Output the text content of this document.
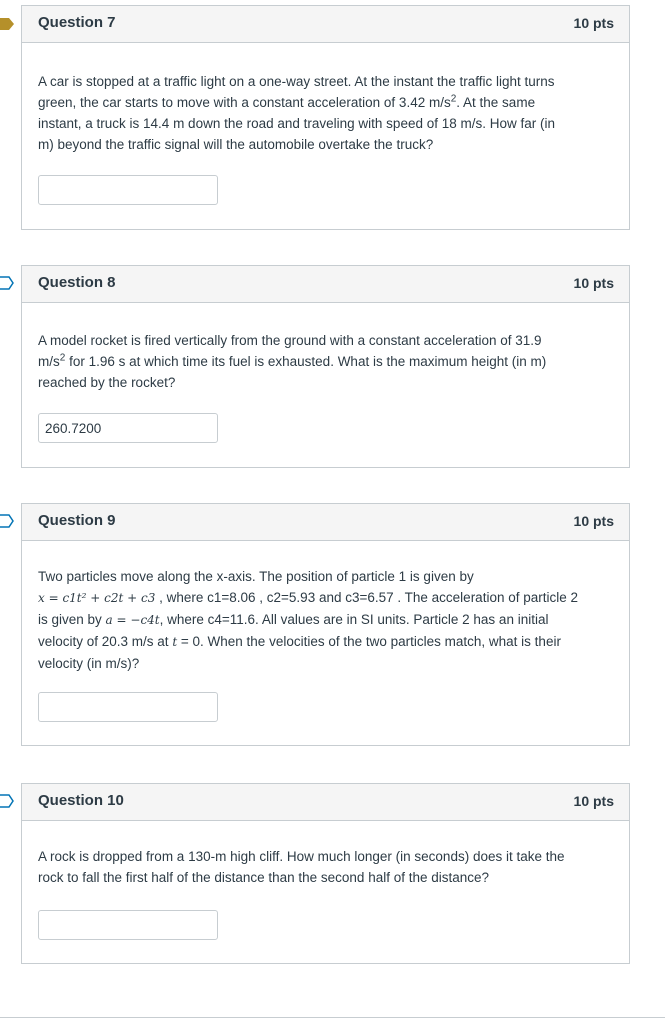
Question 7	10 pts
A car is stopped at a traffic light on a one-way street. At the instant the traffic light turns
green, the car starts to move with a constant acceleration of 3.42 $m/s^2$. At the same
instant, a truck is 14.4 m down the road and traveling with speed of 18 m/s. How far (in
m) beyond the traffic signal will the automobile overtake the truck?
Question 8	10 pts
A model rocket is fired vertically from the ground with a constant acceleration of 31.9
$m/s^2$ for 1.96 s at which time its fuel is exhausted. What is the maximum height (in m)
reached by the rocket?
260.7200
Question 9	10 pts
Two particles move along the x-axis. The position of particle 1 is given by
x = c1t² + c2t + c3 , where c1=8.06 , c2=5.93 and c3=6.57 . The acceleration of particle 2
is given by a = −c4t, where c4=11.6. All values are in SI units. Particle 2 has an initial
velocity of 20.3 m/s at t = 0. When the velocities of the two particles match, what is their
velocity (in m/s)?
Question 10	10 pts
A rock is dropped from a 130-m high cliff. How much longer (in seconds) does it take the
rock to fall the first half of the distance than the second half of the distance?
